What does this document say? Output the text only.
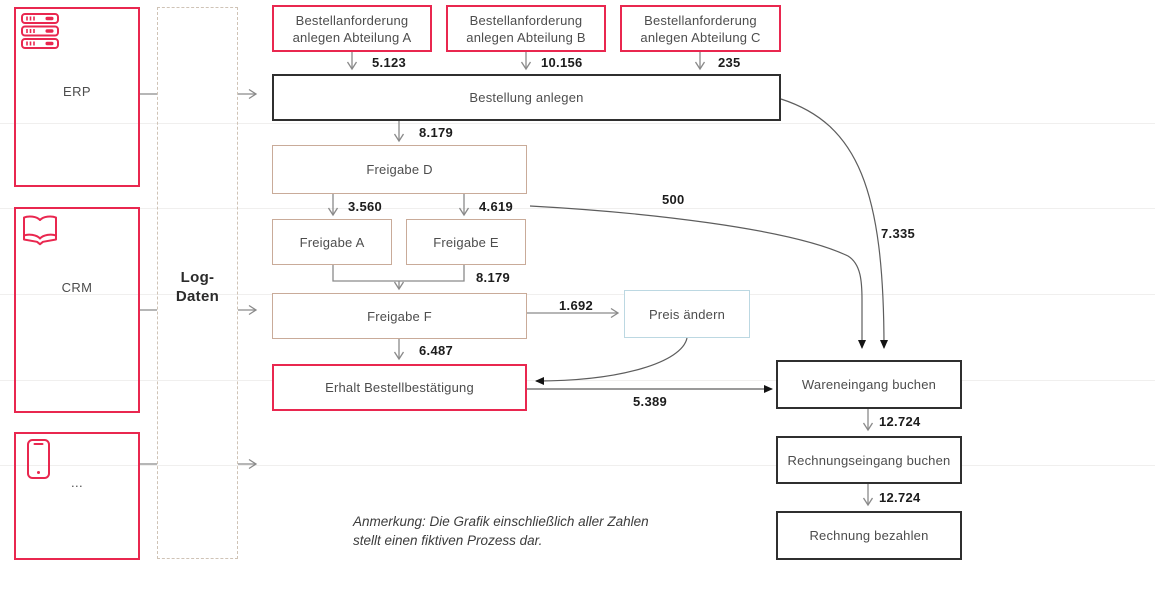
ERP
CRM
...
Log-
Daten
Bestellanforderung
anlegen Abteilung A
Bestellanforderung
anlegen Abteilung B
Bestellanforderung
anlegen Abteilung C
Bestellung anlegen
Freigabe D
Freigabe A	Freigabe E
Freigabe F	Preis ändern
Erhalt Bestellbestätigung	Wareneingang buchen
Rechnungseingang buchen
Rechnung bezahlen
5.123	10.156	235
8.179
3.560	4.619
8.179
6.487
1.692
500
7.335
5.389
12.724
12.724
Anmerkung: Die Grafik einschließlich aller Zahlen
stellt einen fiktiven Prozess dar.
